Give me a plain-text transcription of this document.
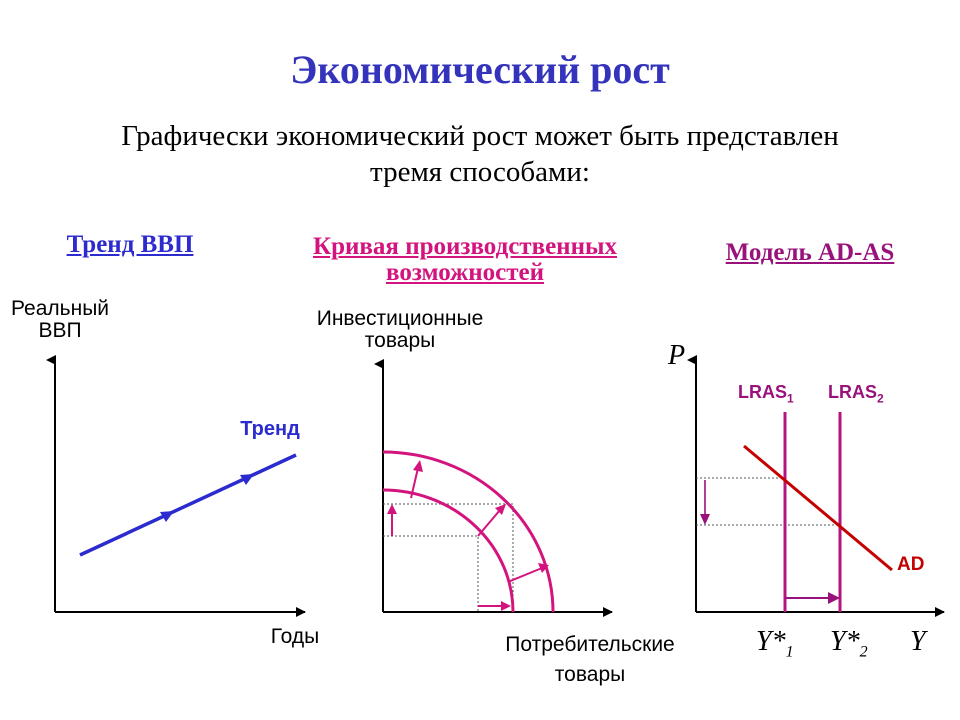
Экономический рост
Графически экономический рост может быть представлен
тремя способами:
Тренд ВВП
Реальный
ВВП
Годы
Тренд
Кривая производственных
возможностей
Инвестиционные
товары
Потребительские
товары
Модель AD-AS
P
Y
$LRAS_1$ $LRAS_2$
AD
$Y*_1$ $Y*_2$
